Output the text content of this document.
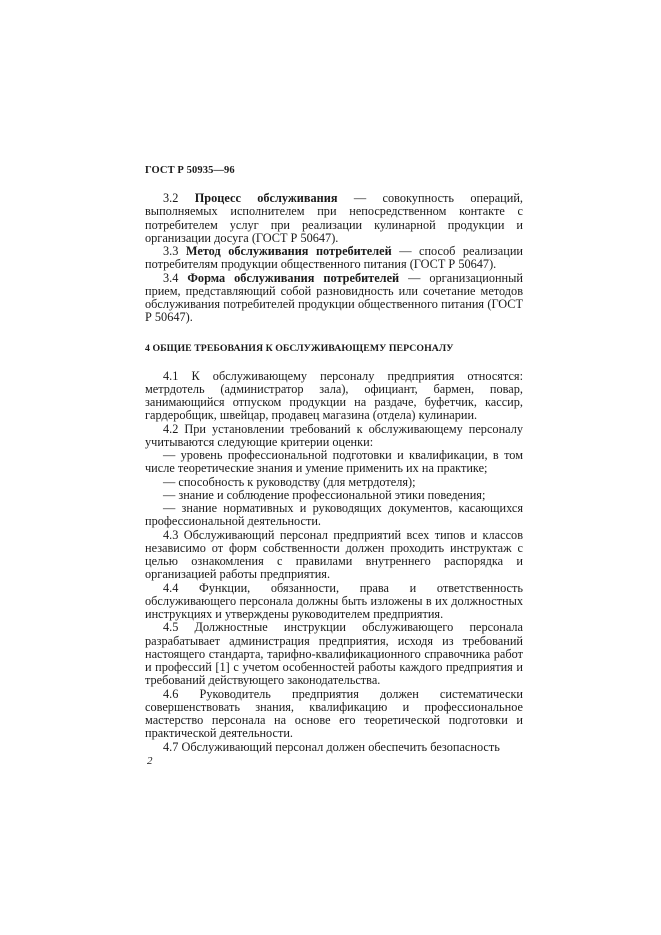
ГОСТ Р 50935—96

3.2 Процесс обслуживания — совокупность операций, выполняемых исполнителем при непосредственном контакте с потребителем услуг при реализации кулинарной продукции и организации досуга (ГОСТ Р 50647).

3.3 Метод обслуживания потребителей — способ реализации потребителям продукции общественного питания (ГОСТ Р 50647).

3.4 Форма обслуживания потребителей — организационный прием, представляющий собой разновидность или сочетание методов обслуживания потребителей продукции общественного питания (ГОСТ Р 50647).

4 ОБЩИЕ ТРЕБОВАНИЯ К ОБСЛУЖИВАЮЩЕМУ ПЕРСОНАЛУ

4.1 К обслуживающему персоналу предприятия относятся: метрдотель (администратор зала), официант, бармен, повар, занимающийся отпуском продукции на раздаче, буфетчик, кассир, гардеробщик, швейцар, продавец магазина (отдела) кулинарии.

4.2 При установлении требований к обслуживающему персоналу учитываются следующие критерии оценки:

— уровень профессиональной подготовки и квалификации, в том числе теоретические знания и умение применить их на практике;

— способность к руководству (для метрдотеля);

— знание и соблюдение профессиональной этики поведения;

— знание нормативных и руководящих документов, касающихся профессиональной деятельности.

4.3 Обслуживающий персонал предприятий всех типов и классов независимо от форм собственности должен проходить инструктаж с целью ознакомления с правилами внутреннего распорядка и организацией работы предприятия.

4.4 Функции, обязанности, права и ответственность обслуживающего персонала должны быть изложены в их должностных инструкциях и утверждены руководителем предприятия.

4.5 Должностные инструкции обслуживающего персонала разрабатывает администрация предприятия, исходя из требований настоящего стандарта, тарифно-квалификационного справочника работ и профессий [1] с учетом особенностей работы каждого предприятия и требований действующего законодательства.

4.6 Руководитель предприятия должен систематически совершенствовать знания, квалификацию и профессиональное мастерство персонала на основе его теоретической подготовки и практической деятельности.

4.7 Обслуживающий персонал должен обеспечить безопасность

2
